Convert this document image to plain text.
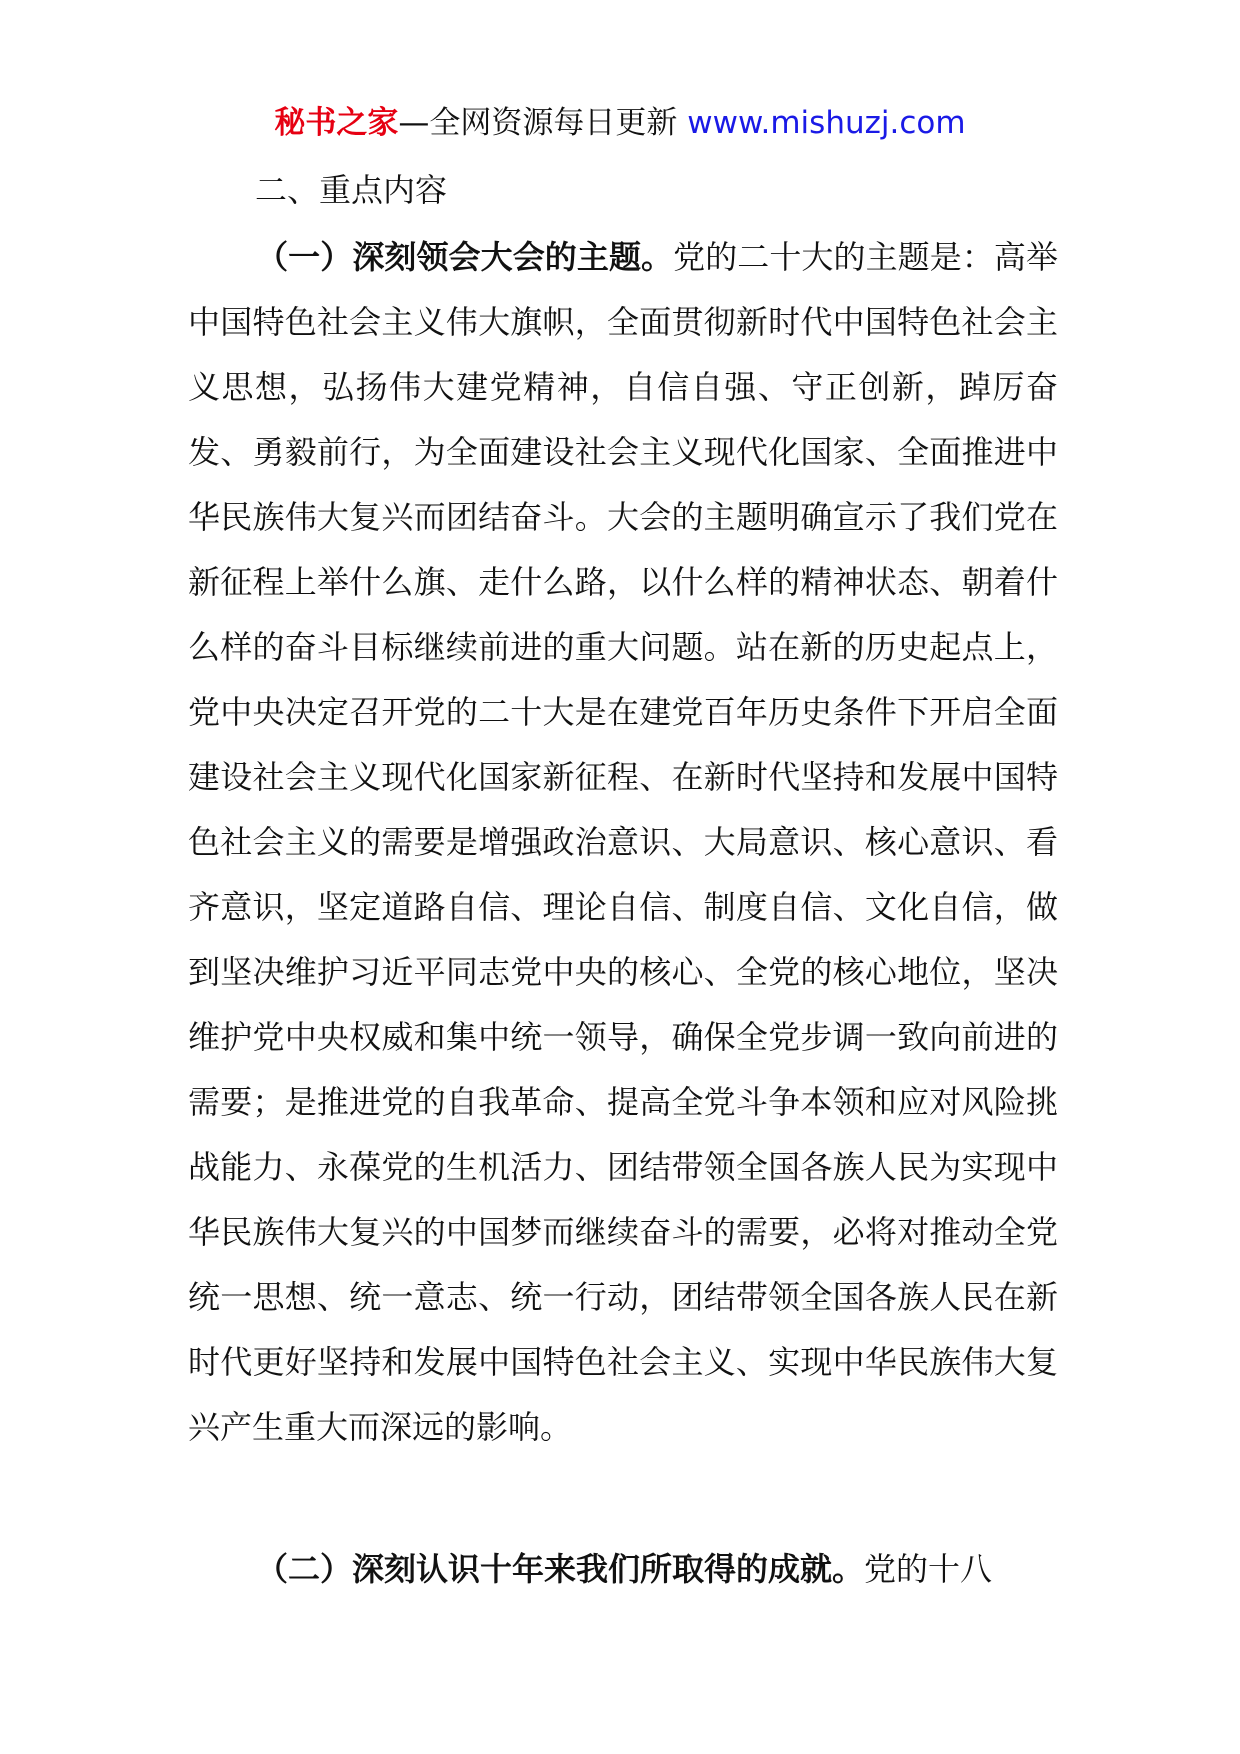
秘书之家—全网资源每日更新 www.mishuzj.com
二、重点内容
（一）深刻领会大会的主题。党的二十大的主题是：高举中国特色社会主义伟大旗帜，全面贯彻新时代中国特色社会主义思想，弘扬伟大建党精神，自信自强、守正创新，踔厉奋发、勇毅前行，为全面建设社会主义现代化国家、全面推进中华民族伟大复兴而团结奋斗。大会的主题明确宣示了我们党在新征程上举什么旗、走什么路，以什么样的精神状态、朝着什么样的奋斗目标继续前进的重大问题。站在新的历史起点上，党中央决定召开党的二十大是在建党百年历史条件下开启全面建设社会主义现代化国家新征程、在新时代坚持和发展中国特色社会主义的需要是增强政治意识、大局意识、核心意识、看齐意识，坚定道路自信、理论自信、制度自信、文化自信，做到坚决维护习近平同志党中央的核心、全党的核心地位，坚决维护党中央权威和集中统一领导，确保全党步调一致向前进的需要；是推进党的自我革命、提高全党斗争本领和应对风险挑战能力、永葆党的生机活力、团结带领全国各族人民为实现中华民族伟大复兴的中国梦而继续奋斗的需要，必将对推动全党统一思想、统一意志、统一行动，团结带领全国各族人民在新时代更好坚持和发展中国特色社会主义、实现中华民族伟大复兴产生重大而深远的影响。
（二）深刻认识十年来我们所取得的成就。党的十八
